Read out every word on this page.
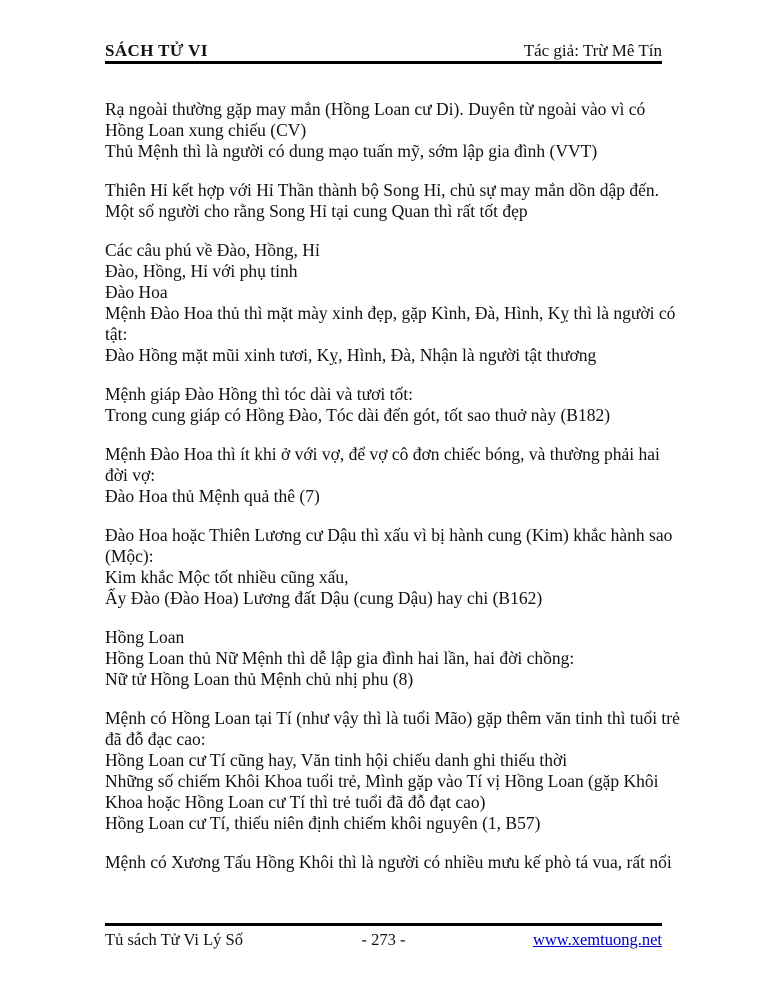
SÁCH TỬ VI	Tác giả: Trừ Mê Tín
Rạ ngoài thường gặp may mắn (Hồng Loan cư Di). Duyên từ ngoài vào vì có
Hồng Loan xung chiếu (CV)
Thủ Mệnh thì là người có dung mạo tuấn mỹ, sớm lập gia đình (VVT)
Thiên Hỉ kết hợp với Hỉ Thần thành bộ Song Hỉ, chủ sự may mắn dồn dập đến.
Một số người cho rằng Song Hỉ tại cung Quan thì rất tốt đẹp
Các câu phú về Đào, Hồng, Hỉ
Đào, Hồng, Hỉ với phụ tinh
Đào Hoa
Mệnh Đào Hoa thủ thì mặt mày xinh đẹp, gặp Kình, Đà, Hình, Kỵ thì là người có
tật:
Đào Hồng mặt mũi xinh tươi, Kỵ, Hình, Đà, Nhận là người tật thương
Mệnh giáp Đào Hồng thì tóc dài và tươi tốt:
Trong cung giáp có Hồng Đào, Tóc dài đến gót, tốt sao thuở này (B182)
Mệnh Đào Hoa thì ít khi ở với vợ, để vợ cô đơn chiếc bóng, và thường phải hai
đời vợ:
Đào Hoa thủ Mệnh quả thê (7)
Đào Hoa hoặc Thiên Lương cư Dậu thì xấu vì bị hành cung (Kim) khắc hành sao
(Mộc):
Kim khắc Mộc tốt nhiều cũng xấu,
Ấy Đào (Đào Hoa) Lương đất Dậu (cung Dậu) hay chi (B162)
Hồng Loan
Hồng Loan thủ Nữ Mệnh thì dễ lập gia đình hai lần, hai đời chồng:
Nữ tử Hồng Loan thủ Mệnh chủ nhị phu (8)
Mệnh có Hồng Loan tại Tí (như vậy thì là tuổi Mão) gặp thêm văn tinh thì tuổi trẻ
đã đỗ đạc cao:
Hồng Loan cư Tí cũng hay, Văn tinh hội chiếu danh ghi thiếu thời
Những số chiếm Khôi Khoa tuổi trẻ, Mình gặp vào Tí vị Hồng Loan (gặp Khôi
Khoa hoặc Hồng Loan cư Tí thì trẻ tuổi đã đỗ đạt cao)
Hồng Loan cư Tí, thiếu niên định chiếm khôi nguyên (1, B57)
Mệnh có Xương Tấu Hồng Khôi thì là người có nhiều mưu kế phò tá vua, rất nổi
Tủ sách Tử Vi Lý Số	- 273 -	www.xemtuong.net
